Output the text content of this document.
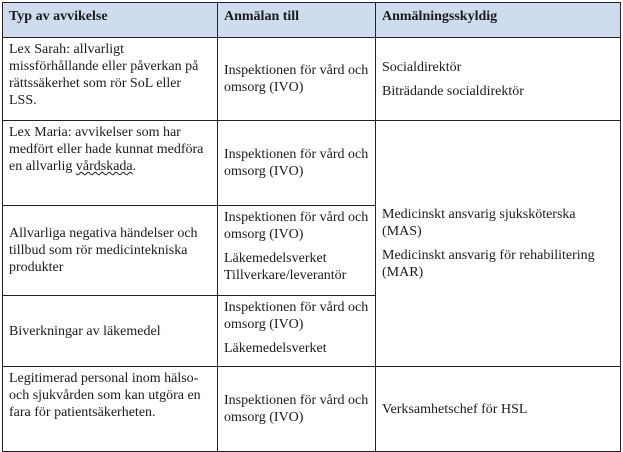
Typ av avvikelse	Anmälan till	Anmälningsskyldig
Lex Sarah: allvarligt missförhållande eller påverkan på rättssäkerhet som rör SoL eller LSS.	Inspektionen för vård och omsorg (IVO)	Socialdirektör
Biträdande socialdirektör

Lex Maria: avvikelser som har medfört eller hade kunnat medföra en allvarlig vårdskada.	Inspektionen för vård och omsorg (IVO)	Medicinskt ansvarig sjuksköterska (MAS)
Medicinskt ansvarig för rehabilitering (MAR)

Allvarliga negativa händelser och tillbud som rör medicintekniska produkter	Inspektionen för vård och omsorg (IVO)
Läkemedelsverket
Tillverkare/leverantör	

Biverkningar av läkemedel	Inspektionen för vård och omsorg (IVO)
Läkemedelsverket	

Legitimerad personal inom hälso- och sjukvården som kan utgöra en fara för patientsäkerheten.	Inspektionen för vård och omsorg (IVO)	Verksamhetschef för HSL
